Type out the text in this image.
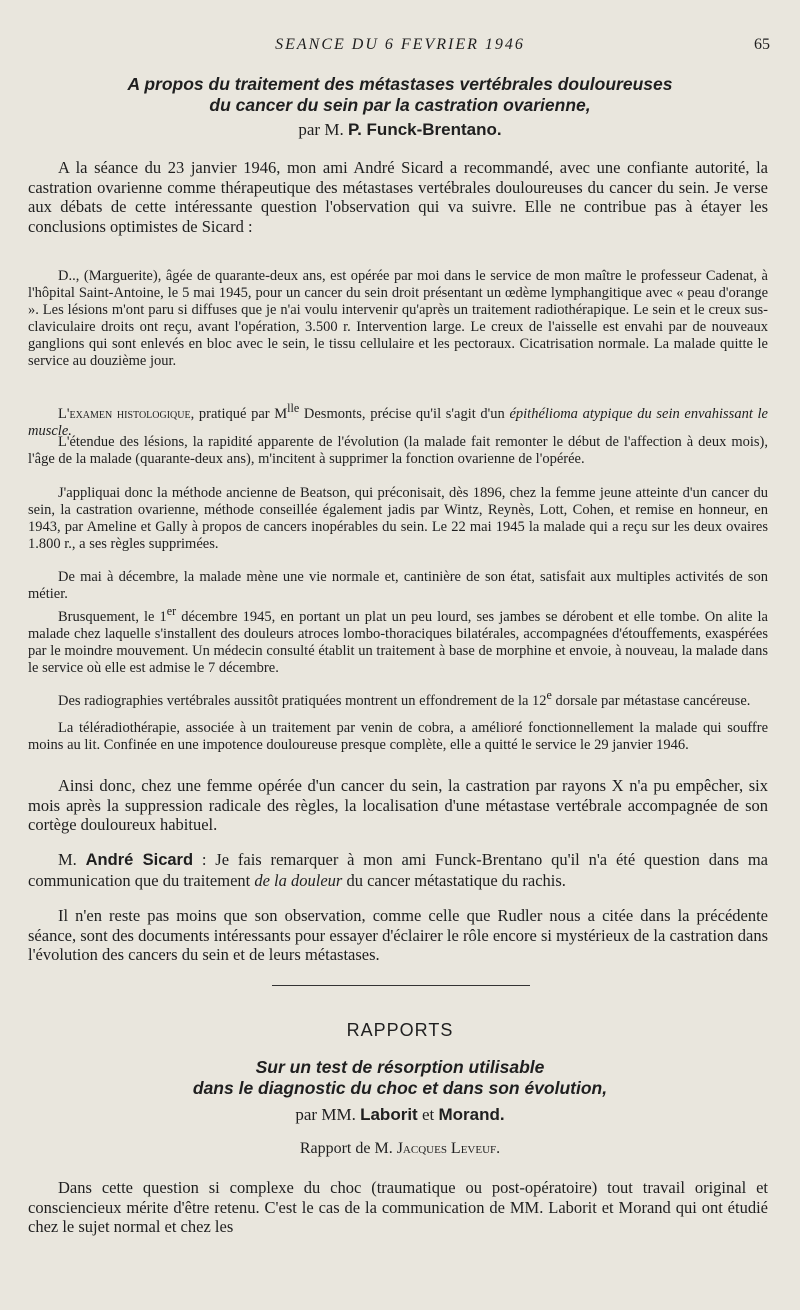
SEANCE DU 6 FEVRIER 1946	65
A propos du traitement des métastases vertébrales douloureuses
du cancer du sein par la castration ovarienne,
par M. P. Funck-Brentano.

A la séance du 23 janvier 1946, mon ami André Sicard a recommandé, avec une confiante autorité, la castration ovarienne comme thérapeutique des métastases vertébrales douloureuses du cancer du sein. Je verse aux débats de cette intéressante question l'observation qui va suivre. Elle ne contribue pas à étayer les conclusions optimistes de Sicard :

D.., (Marguerite), âgée de quarante-deux ans, est opérée par moi dans le service de mon maître le professeur Cadenat, à l'hôpital Saint-Antoine, le 5 mai 1945, pour un cancer du sein droit présentant un œdème lymphangitique avec « peau d'orange ». Les lésions m'ont paru si diffuses que je n'ai voulu intervenir qu'après un traitement radiothérapique. Le sein et le creux sus-claviculaire droits ont reçu, avant l'opération, 3.500 r. Intervention large. Le creux de l'aisselle est envahi par de nouveaux ganglions qui sont enlevés en bloc avec le sein, le tissu cellulaire et les pectoraux. Cicatrisation normale. La malade quitte le service au douzième jour.

L'examen histologique, pratiqué par $M^{lle}$ Desmonts, précise qu'il s'agit d'un épithélioma atypique du sein envahissant le muscle.

L'étendue des lésions, la rapidité apparente de l'évolution (la malade fait remonter le début de l'affection à deux mois), l'âge de la malade (quarante-deux ans), m'incitent à supprimer la fonction ovarienne de l'opérée.

J'appliquai donc la méthode ancienne de Beatson, qui préconisait, dès 1896, chez la femme jeune atteinte d'un cancer du sein, la castration ovarienne, méthode conseillée également jadis par Wintz, Reynès, Lott, Cohen, et remise en honneur, en 1943, par Ameline et Gally à propos de cancers inopérables du sein. Le 22 mai 1945 la malade qui a reçu sur les deux ovaires 1.800 r., a ses règles supprimées.

De mai à décembre, la malade mène une vie normale et, cantinière de son état, satisfait aux multiples activités de son métier.

Brusquement, le 1er décembre 1945, en portant un plat un peu lourd, ses jambes se dérobent et elle tombe. On alite la malade chez laquelle s'installent des douleurs atroces lombo-thoraciques bilatérales, accompagnées d'étouffements, exaspérées par le moindre mouvement. Un médecin consulté établit un traitement à base de morphine et envoie, à nouveau, la malade dans le service où elle est admise le 7 décembre.

Des radiographies vertébrales aussitôt pratiquées montrent un effondrement de la 12e dorsale par métastase cancéreuse.

La téléradiothérapie, associée à un traitement par venin de cobra, a amélioré fonctionnellement la malade qui souffre moins au lit. Confinée en une impotence douloureuse presque complète, elle a quitté le service le 29 janvier 1946.

Ainsi donc, chez une femme opérée d'un cancer du sein, la castration par rayons X n'a pu empêcher, six mois après la suppression radicale des règles, la localisation d'une métastase vertébrale accompagnée de son cortège douloureux habituel.

M. André Sicard : Je fais remarquer à mon ami Funck-Brentano qu'il n'a été question dans ma communication que du traitement de la douleur du cancer métastatique du rachis.

Il n'en reste pas moins que son observation, comme celle que Rudler nous a citée dans la précédente séance, sont des documents intéressants pour essayer d'éclairer le rôle encore si mystérieux de la castration dans l'évolution des cancers du sein et de leurs métastases.

RAPPORTS
Sur un test de résorption utilisable
dans le diagnostic du choc et dans son évolution,
par MM. Laborit et Morand.
Rapport de M. Jacques Leveuf.

Dans cette question si complexe du choc (traumatique ou post-opératoire) tout travail original et consciencieux mérite d'être retenu. C'est le cas de la communication de MM. Laborit et Morand qui ont étudié chez le sujet normal et chez les
